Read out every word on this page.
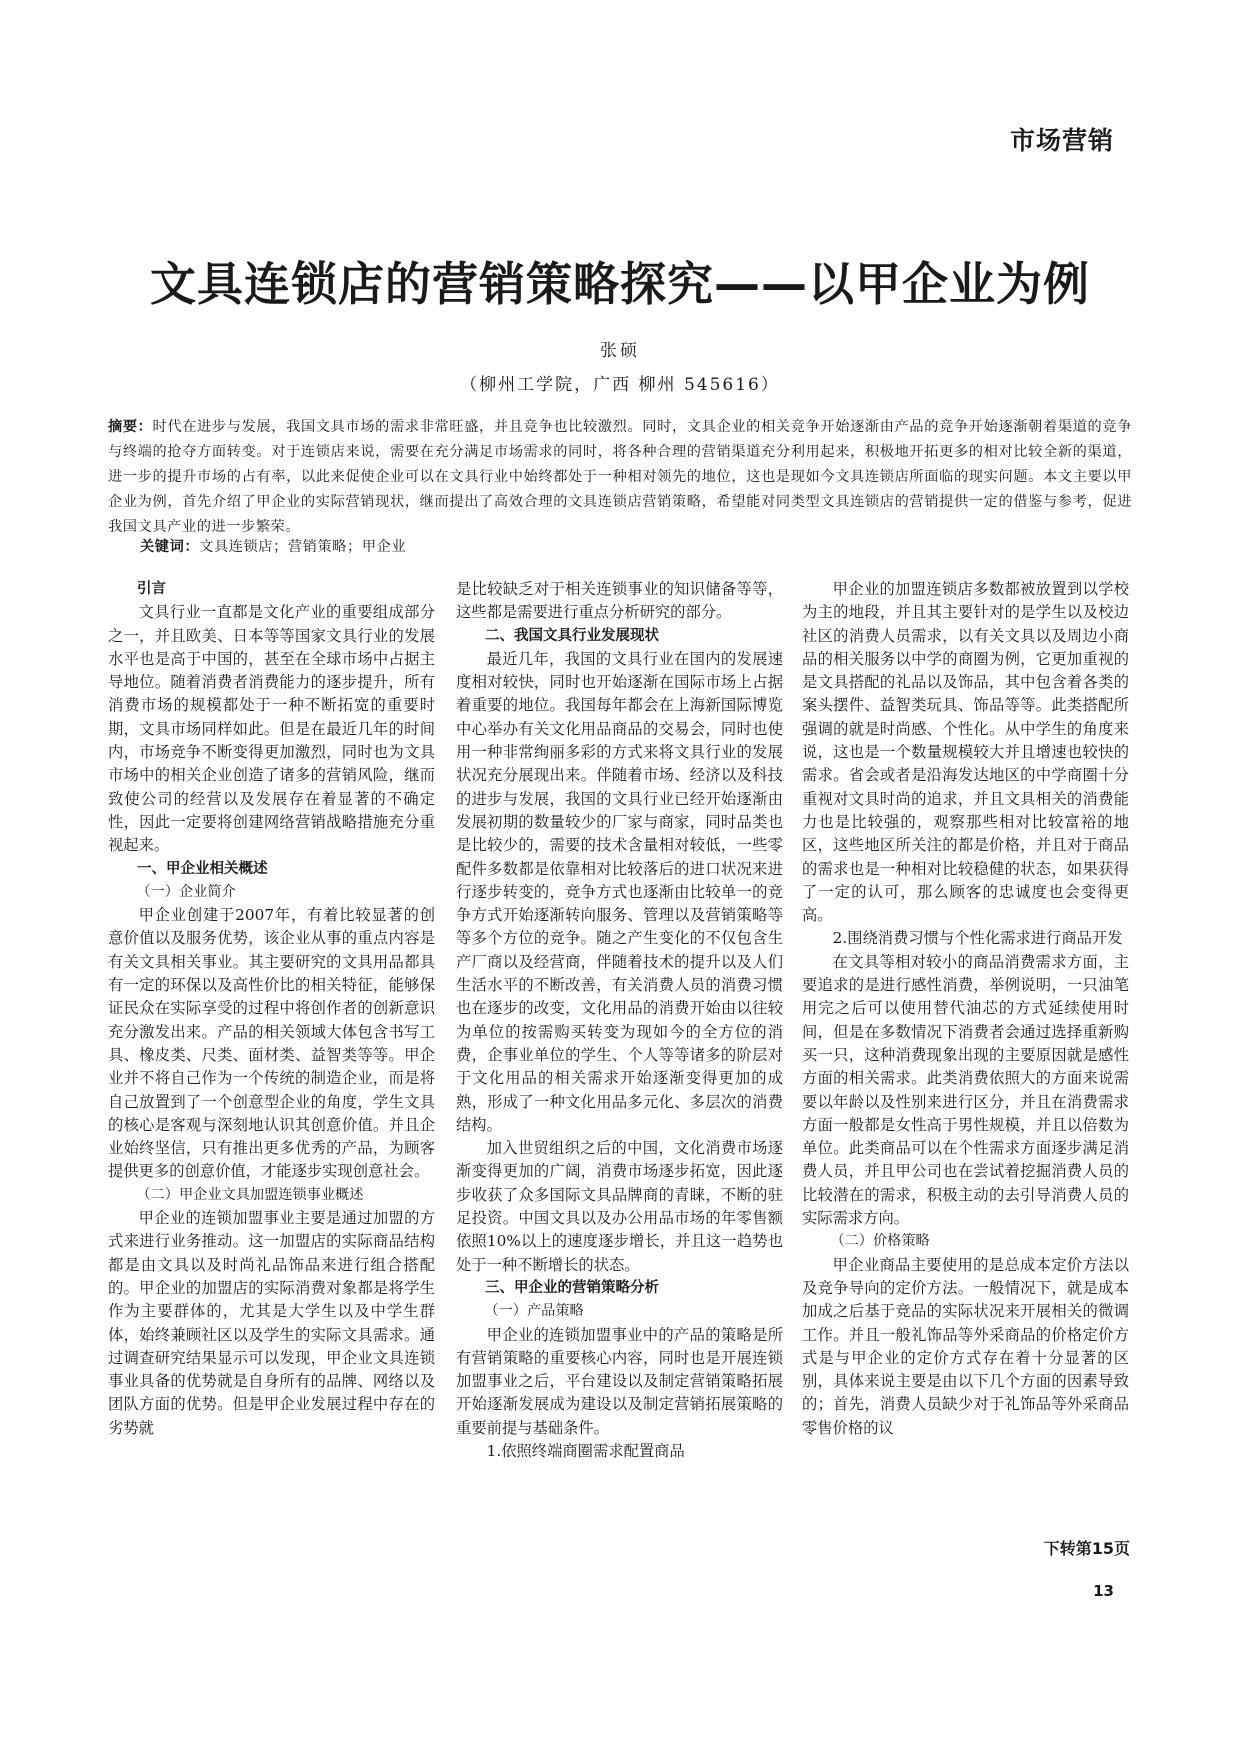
市场营销
文具连锁店的营销策略探究——以甲企业为例
张硕
（柳州工学院，广西 柳州 545616）
摘要：时代在进步与发展，我国文具市场的需求非常旺盛，并且竞争也比较激烈。同时，文具企业的相关竞争开始逐渐由产品的竞争开始逐渐朝着渠道的竞争与终端的抢夺方面转变。对于连锁店来说，需要在充分满足市场需求的同时，将各种合理的营销渠道充分利用起来，积极地开拓更多的相对比较全新的渠道，进一步的提升市场的占有率，以此来促使企业可以在文具行业中始终都处于一种相对领先的地位，这也是现如今文具连锁店所面临的现实问题。本文主要以甲企业为例，首先介绍了甲企业的实际营销现状，继而提出了高效合理的文具连锁店营销策略，希望能对同类型文具连锁店的营销提供一定的借鉴与参考，促进我国文具产业的进一步繁荣。
关键词：文具连锁店；营销策略；甲企业

引言

文具行业一直都是文化产业的重要组成部分之一，并且欧美、日本等等国家文具行业的发展水平也是高于中国的，甚至在全球市场中占据主导地位。随着消费者消费能力的逐步提升，所有消费市场的规模都处于一种不断拓宽的重要时期，文具市场同样如此。但是在最近几年的时间内，市场竞争不断变得更加激烈，同时也为文具市场中的相关企业创造了诸多的营销风险，继而致使公司的经营以及发展存在着显著的不确定性，因此一定要将创建网络营销战略措施充分重视起来。

一、甲企业相关概述

（一）企业简介

甲企业创建于2007年，有着比较显著的创意价值以及服务优势，该企业从事的重点内容是有关文具相关事业。其主要研究的文具用品都具有一定的环保以及高性价比的相关特征，能够保证民众在实际享受的过程中将创作者的创新意识充分激发出来。产品的相关领域大体包含书写工具、橡皮类、尺类、面材类、益智类等等。甲企业并不将自己作为一个传统的制造企业，而是将自己放置到了一个创意型企业的角度，学生文具的核心是客观与深刻地认识其创意价值。并且企业始终坚信，只有推出更多优秀的产品，为顾客提供更多的创意价值，才能逐步实现创意社会。

（二）甲企业文具加盟连锁事业概述

甲企业的连锁加盟事业主要是通过加盟的方式来进行业务推动。这一加盟店的实际商品结构都是由文具以及时尚礼品饰品来进行组合搭配的。甲企业的加盟店的实际消费对象都是将学生作为主要群体的，尤其是大学生以及中学生群体，始终兼顾社区以及学生的实际文具需求。通过调查研究结果显示可以发现，甲企业文具连锁事业具备的优势就是自身所有的品牌、网络以及团队方面的优势。但是甲企业发展过程中存在的劣势就

是比较缺乏对于相关连锁事业的知识储备等等，这些都是需要进行重点分析研究的部分。

二、我国文具行业发展现状

最近几年，我国的文具行业在国内的发展速度相对较快，同时也开始逐渐在国际市场上占据着重要的地位。我国每年都会在上海新国际博览中心举办有关文化用品商品的交易会，同时也使用一种非常绚丽多彩的方式来将文具行业的发展状况充分展现出来。伴随着市场、经济以及科技的进步与发展，我国的文具行业已经开始逐渐由发展初期的数量较少的厂家与商家，同时品类也是比较少的，需要的技术含量相对较低，一些零配件多数都是依靠相对比较落后的进口状况来进行逐步转变的，竞争方式也逐渐由比较单一的竞争方式开始逐渐转向服务、管理以及营销策略等等多个方位的竞争。随之产生变化的不仅包含生产厂商以及经营商，伴随着技术的提升以及人们生活水平的不断改善，有关消费人员的消费习惯也在逐步的改变，文化用品的消费开始由以往较为单位的按需购买转变为现如今的全方位的消费，企事业单位的学生、个人等等诸多的阶层对于文化用品的相关需求开始逐渐变得更加的成熟，形成了一种文化用品多元化、多层次的消费结构。

加入世贸组织之后的中国，文化消费市场逐渐变得更加的广阔，消费市场逐步拓宽，因此逐步收获了众多国际文具品牌商的青睐，不断的驻足投资。中国文具以及办公用品市场的年零售额依照10%以上的速度逐步增长，并且这一趋势也处于一种不断增长的状态。

三、甲企业的营销策略分析

（一）产品策略

甲企业的连锁加盟事业中的产品的策略是所有营销策略的重要核心内容，同时也是开展连锁加盟事业之后，平台建设以及制定营销策略拓展开始逐渐发展成为建设以及制定营销拓展策略的重要前提与基础条件。

1.依照终端商圈需求配置商品

甲企业的加盟连锁店多数都被放置到以学校为主的地段，并且其主要针对的是学生以及校边社区的消费人员需求，以有关文具以及周边小商品的相关服务以中学的商圈为例，它更加重视的是文具搭配的礼品以及饰品，其中包含着各类的案头摆件、益智类玩具、饰品等等。此类搭配所强调的就是时尚感、个性化。从中学生的角度来说，这也是一个数量规模较大并且增速也较快的需求。省会或者是沿海发达地区的中学商圈十分重视对文具时尚的追求，并且文具相关的消费能力也是比较强的，观察那些相对比较富裕的地区，这些地区所关注的都是价格，并且对于商品的需求也是一种相对比较稳健的状态，如果获得了一定的认可，那么顾客的忠诚度也会变得更高。

2.围绕消费习惯与个性化需求进行商品开发

在文具等相对较小的商品消费需求方面，主要追求的是进行感性消费，举例说明，一只油笔用完之后可以使用替代油芯的方式延续使用时间，但是在多数情况下消费者会通过选择重新购买一只，这种消费现象出现的主要原因就是感性方面的相关需求。此类消费依照大的方面来说需要以年龄以及性别来进行区分，并且在消费需求方面一般都是女性高于男性规模，并且以倍数为单位。此类商品可以在个性需求方面逐步满足消费人员，并且甲公司也在尝试着挖掘消费人员的比较潜在的需求，积极主动的去引导消费人员的实际需求方向。

（二）价格策略

甲企业商品主要使用的是总成本定价方法以及竞争导向的定价方法。一般情况下，就是成本加成之后基于竞品的实际状况来开展相关的微调工作。并且一般礼饰品等外采商品的价格定价方式是与甲企业的定价方式存在着十分显著的区别，具体来说主要是由以下几个方面的因素导致的；首先，消费人员缺少对于礼饰品等外采商品零售价格的议

下转第15页
13
